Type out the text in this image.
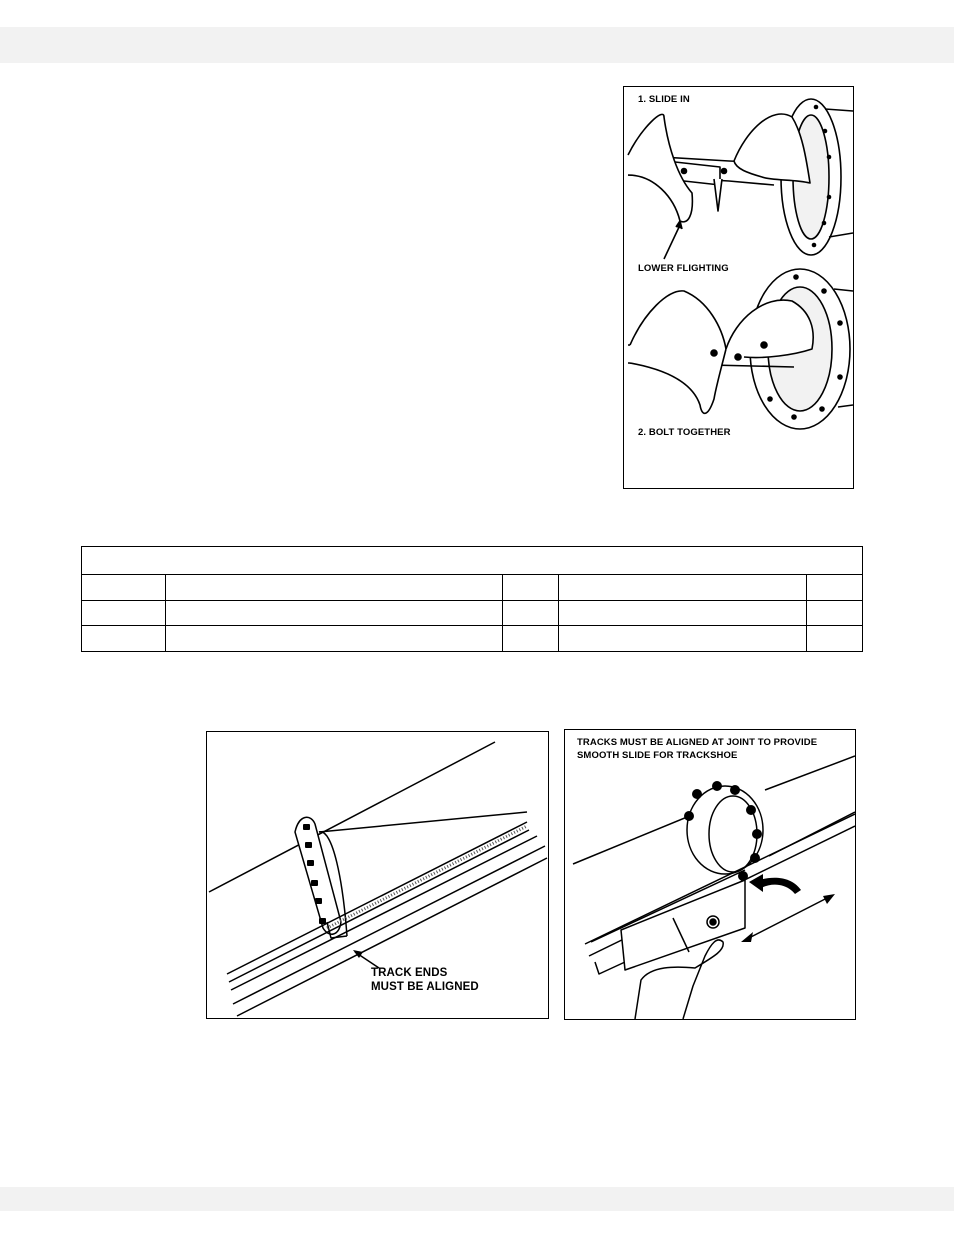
1. SLIDE IN
LOWER FLIGHTING
2. BOLT TOGETHER

TRACK ENDS
MUST BE ALIGNED
TRACKS MUST BE ALIGNED AT JOINT TO PROVIDE
SMOOTH SLIDE FOR TRACKSHOE
